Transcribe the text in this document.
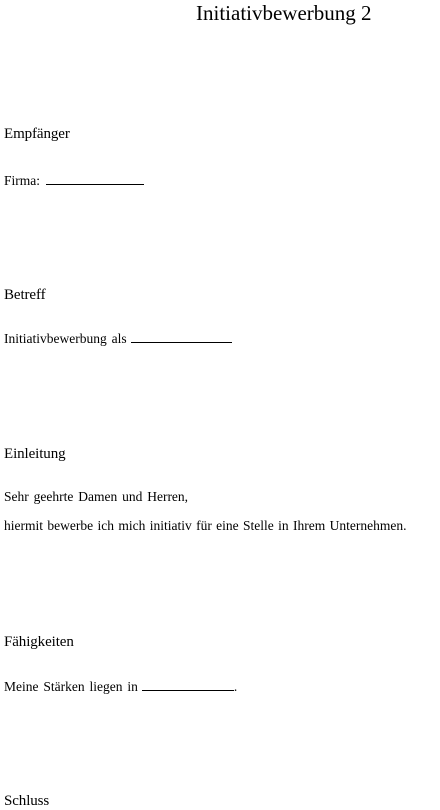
Initiativbewerbung 2
Empfänger
Firma:
Betreff
Initiativbewerbung als
Einleitung
Sehr geehrte Damen und Herren,
hiermit bewerbe ich mich initiativ für eine Stelle in Ihrem Unternehmen.
Fähigkeiten
Meine Stärken liegen in	.
Schluss
